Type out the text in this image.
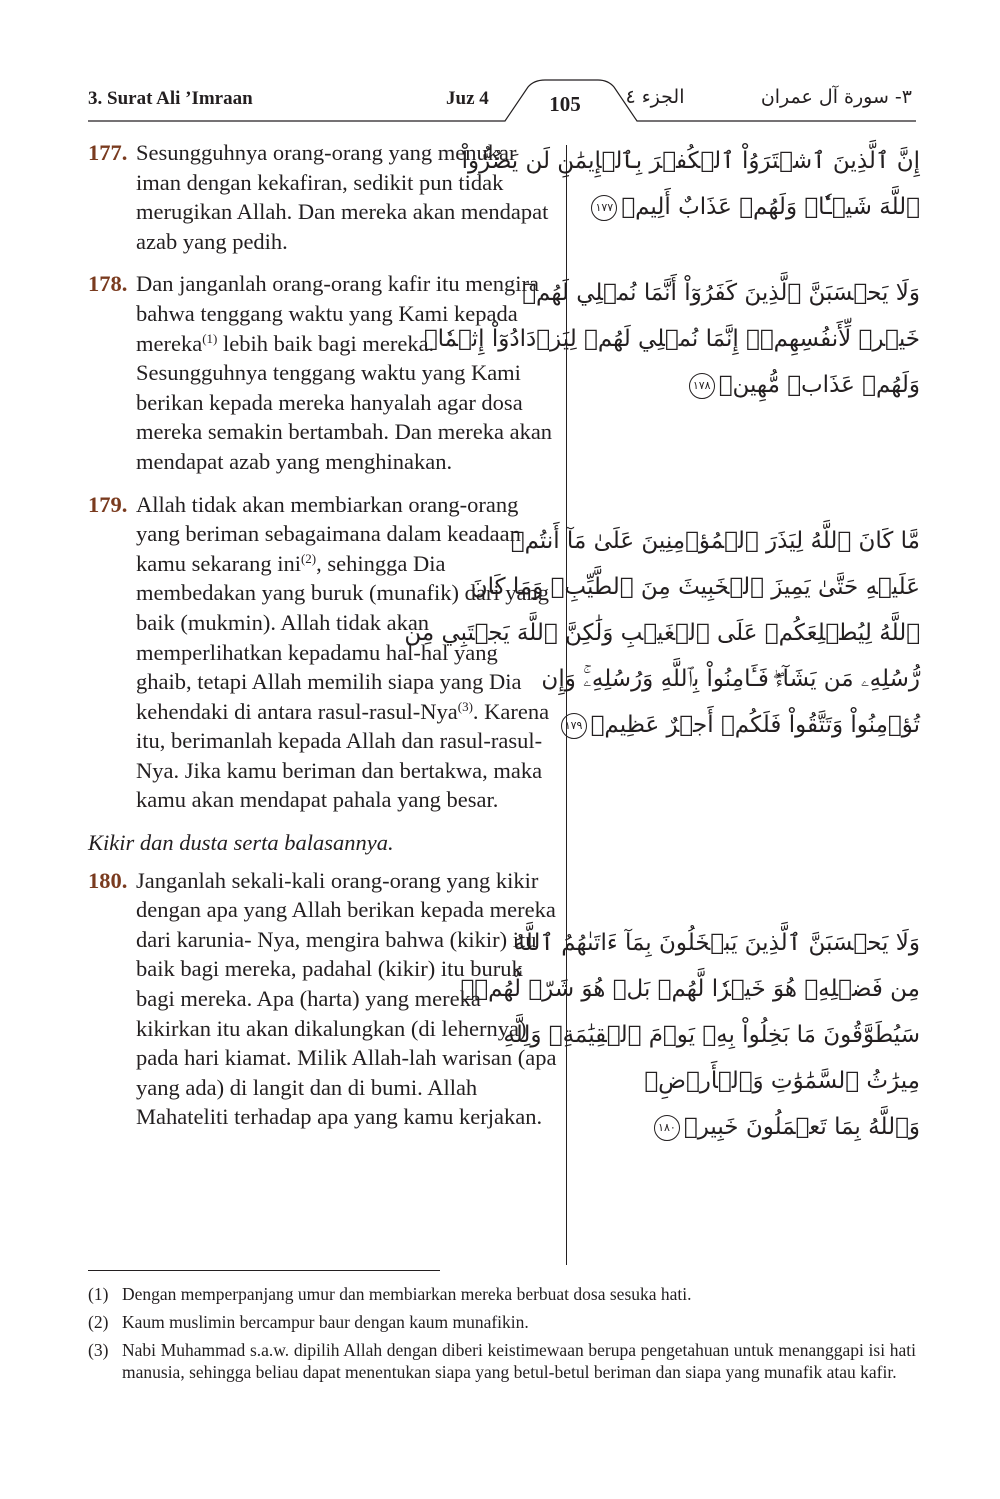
3. Surat Ali ’Imraan	Juz 4	105	الجزء ٤	٣- سورة آل عمران
177. Sesungguhnya orang-orang yang menukar iman dengan kekafiran, sedikit pun tidak merugikan Allah. Dan mereka akan mendapat azab yang pedih.
178. Dan janganlah orang-orang kafir itu mengira bahwa tenggang waktu yang Kami kepada mereka$^{(1)}$ lebih baik bagi mereka. Sesungguhnya tenggang waktu yang Kami berikan kepada mereka hanyalah agar dosa mereka semakin bertambah. Dan mereka akan mendapat azab yang menghinakan.
179. Allah tidak akan membiarkan orang-orang yang beriman sebagaimana dalam keadaan kamu sekarang ini$^{(2)}$, sehingga Dia membedakan yang buruk (munafik) dari yang baik (mukmin). Allah tidak akan memperlihatkan kepadamu hal-hal yang ghaib, tetapi Allah memilih siapa yang Dia kehendaki di antara rasul-rasul-Nya$^{(3)}$. Karena itu, berimanlah kepada Allah dan rasul-rasul-Nya. Jika kamu beriman dan bertakwa, maka kamu akan mendapat pahala yang besar.
Kikir dan dusta serta balasannya.
180. Janganlah sekali-kali orang-orang yang kikir dengan apa yang Allah berikan kepada mereka dari karunia- Nya, mengira bahwa (kikir) itu baik bagi mereka, padahal (kikir) itu buruk bagi mereka. Apa (harta) yang mereka kikirkan itu akan dikalungkan (di lehernya) pada hari kiamat. Milik Allah-lah warisan (apa yang ada) di langit dan di bumi. Allah Mahateliti terhadap apa yang kamu kerjakan.
إِنَّ ٱلَّذِينَ ٱشۡتَرَوُاْ ٱلۡكُفۡرَ بِٱلۡإِيمَٰنِ لَن يَضُرُّواْ
ٱللَّهَ شَيۡـٔٗاۖ وَلَهُمۡ عَذَابٌ أَلِيمٞ١٧٧
وَلَا يَحۡسَبَنَّ ٱلَّذِينَ كَفَرُوٓاْ أَنَّمَا نُمۡلِي لَهُمۡ
خَيۡرٞ لِّأَنفُسِهِمۡۚ إِنَّمَا نُمۡلِي لَهُمۡ لِيَزۡدَادُوٓاْ إِثۡمٗاۖ
وَلَهُمۡ عَذَابٞ مُّهِينٞ١٧٨
مَّا كَانَ ٱللَّهُ لِيَذَرَ ٱلۡمُؤۡمِنِينَ عَلَىٰ مَآ أَنتُمۡ
عَلَيۡهِ حَتَّىٰ يَمِيزَ ٱلۡخَبِيثَ مِنَ ٱلطَّيِّبِۗ وَمَا كَانَ
ٱللَّهُ لِيُطۡلِعَكُمۡ عَلَى ٱلۡغَيۡبِ وَلَٰكِنَّ ٱللَّهَ يَجۡتَبِي مِن
رُّسُلِهِۦ مَن يَشَآءُۖ فَـَٔامِنُواْ بِٱللَّهِ وَرُسُلِهِۦۚ وَإِن
تُؤۡمِنُواْ وَتَتَّقُواْ فَلَكُمۡ أَجۡرٌ عَظِيمٞ١٧٩
وَلَا يَحۡسَبَنَّ ٱلَّذِينَ يَبۡخَلُونَ بِمَآ ءَاتَىٰهُمُ ٱللَّهُ
مِن فَضۡلِهِۦ هُوَ خَيۡرٗا لَّهُمۖ بَلۡ هُوَ شَرّٞ لَّهُمۡۖ
سَيُطَوَّقُونَ مَا بَخِلُواْ بِهِۦ يَوۡمَ ٱلۡقِيَٰمَةِۗ وَلِلَّهِ
مِيرَٰثُ ٱلسَّمَٰوَٰتِ وَٱلۡأَرۡضِۗ
وَٱللَّهُ بِمَا تَعۡمَلُونَ خَبِيرٞ١٨٠
(1) Dengan memperpanjang umur dan membiarkan mereka berbuat dosa sesuka hati.
(2) Kaum muslimin bercampur baur dengan kaum munafikin.
(3) Nabi Muhammad s.a.w. dipilih Allah dengan diberi keistimewaan berupa pengetahuan untuk menanggapi isi hati manusia, sehingga beliau dapat menentukan siapa yang betul-betul beriman dan siapa yang munafik atau kafir.
